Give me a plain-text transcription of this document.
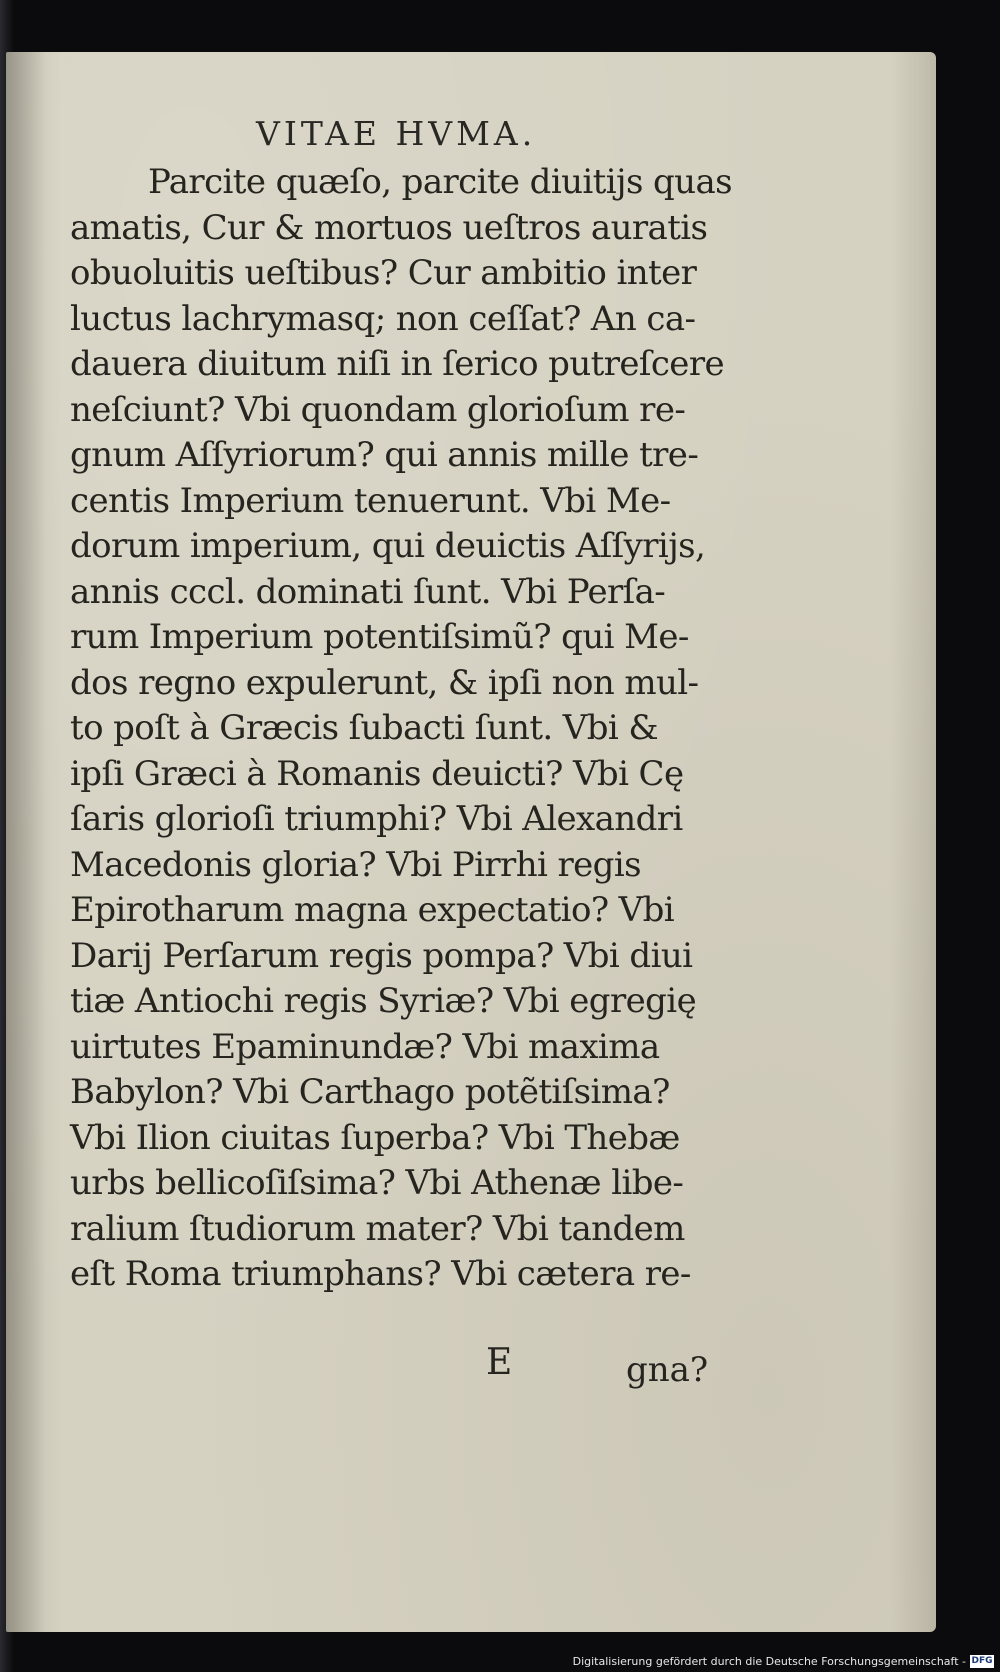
VITAE HVMA.
Parcite quæſo, parcite diuitijs quas
amatis, Cur & mortuos ueſtros auratis
obuoluitis ueſtibus? Cur ambitio inter
luctus lachrymasq; non ceſſat? An ca-
dauera diuitum niſi in ſerico putreſcere
neſciunt? Vbi quondam glorioſum re-
gnum Aſſyriorum? qui annis mille tre-
centis Imperium tenuerunt. Vbi Me-
dorum imperium, qui deuictis Aſſyrijs,
annis cccl. dominati ſunt. Vbi Perſa-
rum Imperium potentiſsimũ? qui Me-
dos regno expulerunt, & ipſi non mul-
to poſt à Græcis ſubacti ſunt. Vbi &
ipſi Græci à Romanis deuicti? Vbi Cę
ſaris glorioſi triumphi? Vbi Alexandri
Macedonis gloria? Vbi Pirrhi regis
Epirotharum magna expectatio? Vbi
Darij Perſarum regis pompa? Vbi diui
tiæ Antiochi regis Syriæ? Vbi egregię
uirtutes Epaminundæ? Vbi maxima
Babylon? Vbi Carthago potẽtiſsima?
Vbi Ilion ciuitas ſuperba? Vbi Thebæ
urbs bellicoſiſsima? Vbi Athenæ libe-
ralium ſtudiorum mater? Vbi tandem
eſt Roma triumphans? Vbi cætera re-
E	gna?
Digitalisierung gefördert durch die Deutsche Forschungsgemeinschaft - DFG
